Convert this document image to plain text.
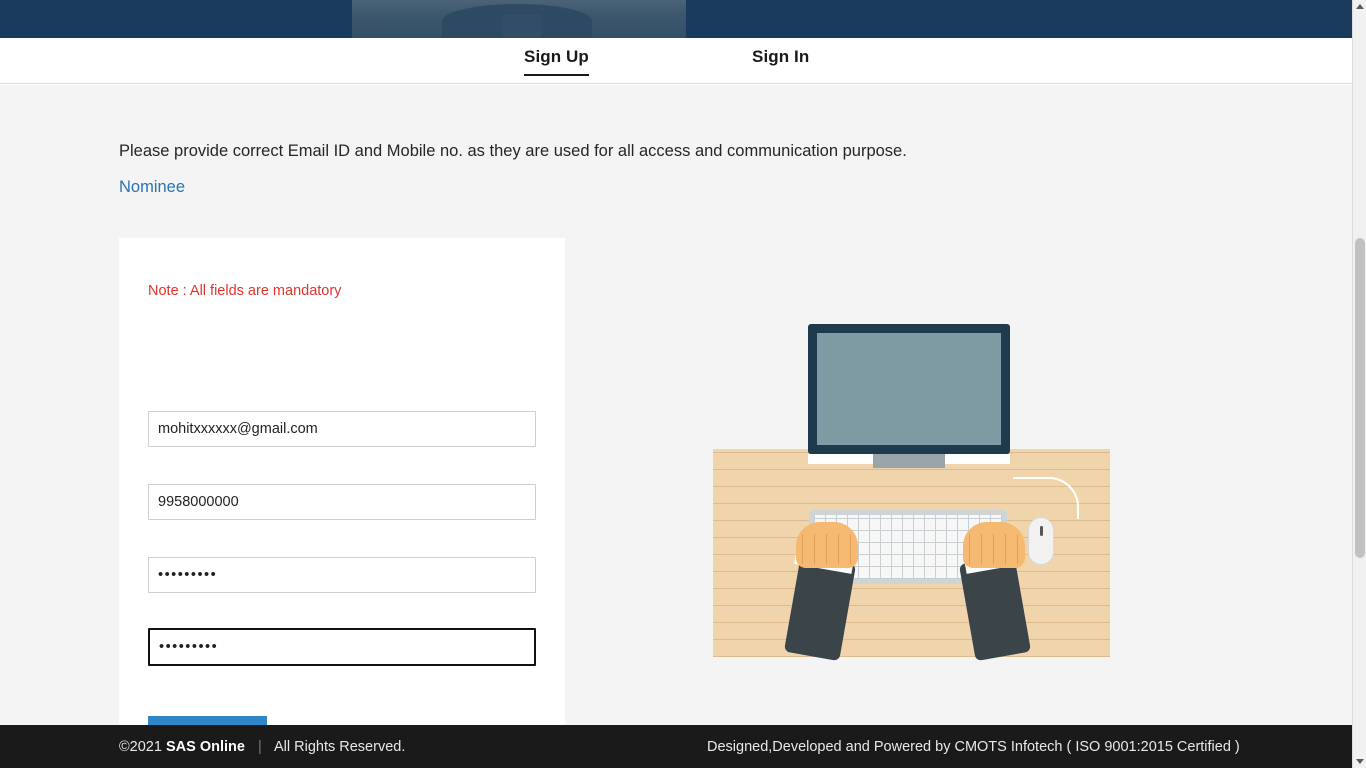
Sign Up	Sign In
Please provide correct Email ID and Mobile no. as they are used for all access and communication purpose.
Nominee
Note : All fields are mandatory
mohitxxxxxx@gmail.com
9958000000
•••••••••
•••••••••
©2021 SAS Online | All Rights Reserved.	Designed,Developed and Powered by CMOTS Infotech ( ISO 9001:2015 Certified )
